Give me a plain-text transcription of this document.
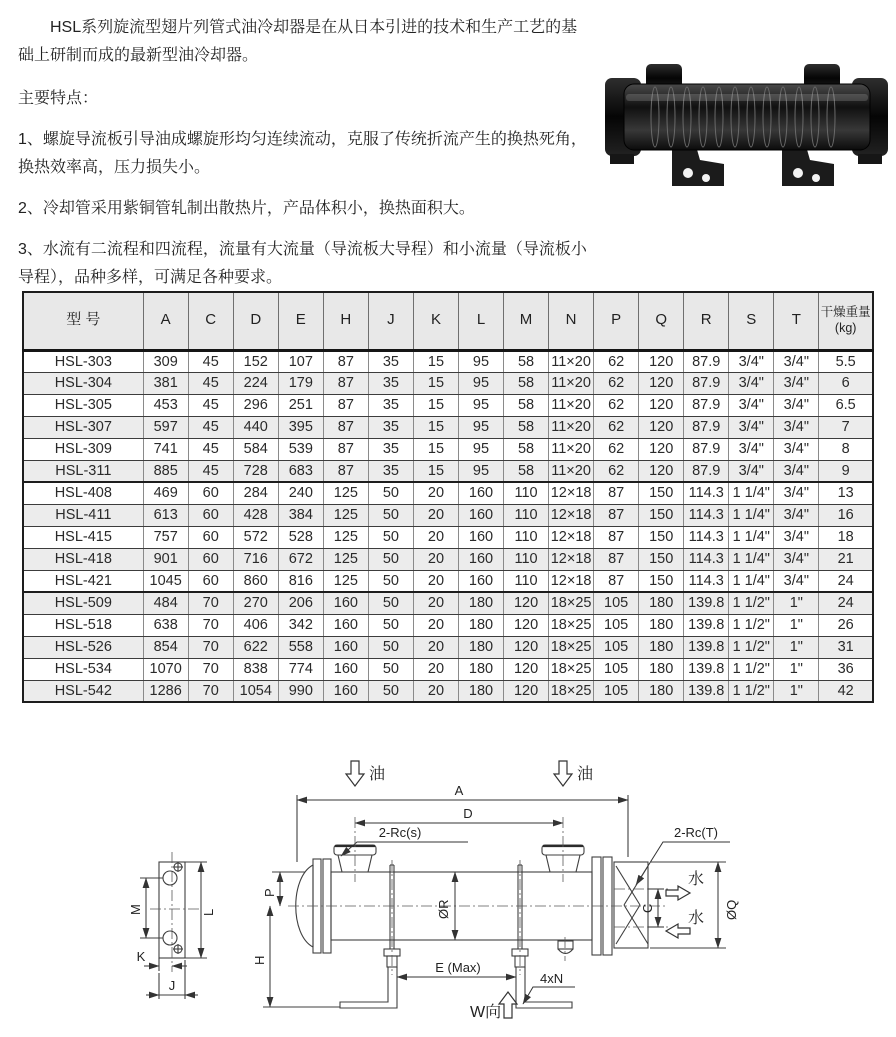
HSL系列旋流型翅片列管式油冷却器是在从日本引进的技术和生产工艺的基础上研制而成的最新型油冷却器。

主要特点：

1、螺旋导流板引导油成螺旋形均匀连续流动，克服了传统折流产生的换热死角，换热效率高，压力损失小。

2、冷却管采用紫铜管轧制出散热片，产品体积小，换热面积大。

3、水流有二流程和四流程，流量有大流量（导流板大导程）和小流量（导流板小导程），品种多样，可满足各种要求。

型 号	A	C	D	E	H	J	K	L	M	N	P	Q	R	S	T	干燥重量 (kg)
HSL-303	309	45	152	107	87	35	15	95	58	11×20	62	120	87.9	3/4"	3/4"	5.5
HSL-304	381	45	224	179	87	35	15	95	58	11×20	62	120	87.9	3/4"	3/4"	6
HSL-305	453	45	296	251	87	35	15	95	58	11×20	62	120	87.9	3/4"	3/4"	6.5
HSL-307	597	45	440	395	87	35	15	95	58	11×20	62	120	87.9	3/4"	3/4"	7
HSL-309	741	45	584	539	87	35	15	95	58	11×20	62	120	87.9	3/4"	3/4"	8
HSL-311	885	45	728	683	87	35	15	95	58	11×20	62	120	87.9	3/4"	3/4"	9
HSL-408	469	60	284	240	125	50	20	160	110	12×18	87	150	114.3	1 1/4"	3/4"	13
HSL-411	613	60	428	384	125	50	20	160	110	12×18	87	150	114.3	1 1/4"	3/4"	16
HSL-415	757	60	572	528	125	50	20	160	110	12×18	87	150	114.3	1 1/4"	3/4"	18
HSL-418	901	60	716	672	125	50	20	160	110	12×18	87	150	114.3	1 1/4"	3/4"	21
HSL-421	1045	60	860	816	125	50	20	160	110	12×18	87	150	114.3	1 1/4"	3/4"	24
HSL-509	484	70	270	206	160	50	20	180	120	18×25	105	180	139.8	1 1/2"	1"	24
HSL-518	638	70	406	342	160	50	20	180	120	18×25	105	180	139.8	1 1/2"	1"	26
HSL-526	854	70	622	558	160	50	20	180	120	18×25	105	180	139.8	1 1/2"	1"	31
HSL-534	1070	70	838	774	160	50	20	180	120	18×25	105	180	139.8	1 1/2"	1"	36
HSL-542	1286	70	1054	990	160	50	20	180	120	18×25	105	180	139.8	1 1/2"	1"	42
油	油
A
D
2-Rc(s)	2-Rc(T)
P
H
ØR
E (Max)
4xN
W向
水
水
C	ØQ
M	L
K
J
